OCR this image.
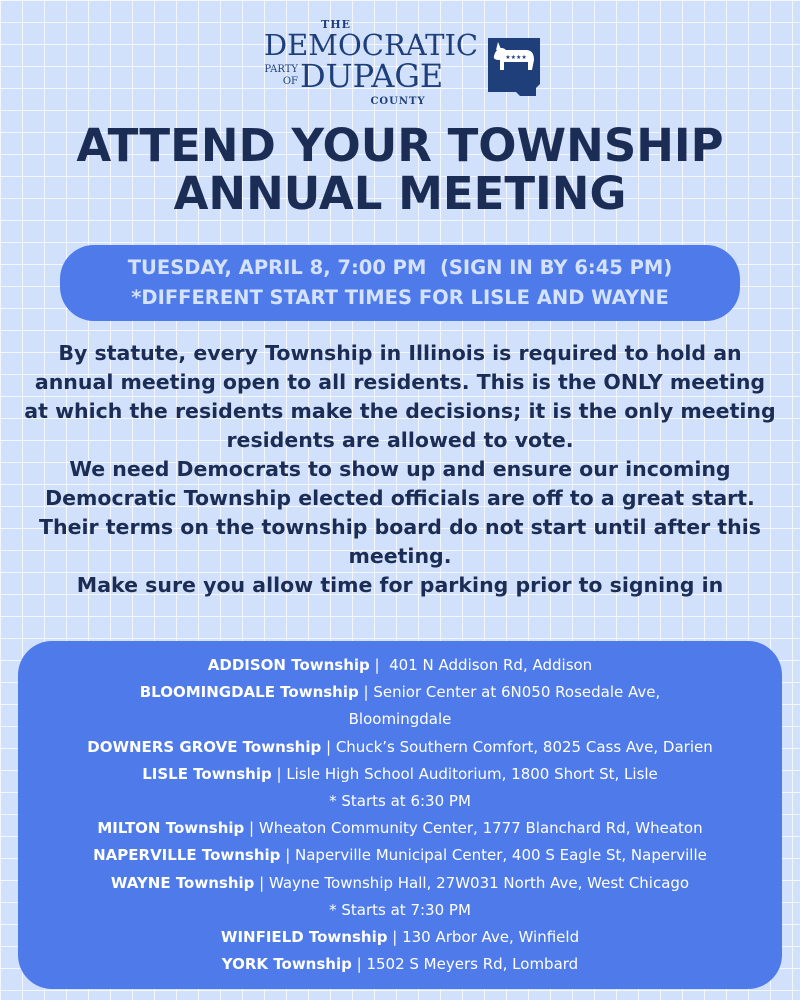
THE
DEMOCRATIC
PARTY
OF DUPAGE
COUNTY
★★★★
ATTEND YOUR TOWNSHIP
ANNUAL MEETING
TUESDAY, APRIL 8, 7:00 PM  (SIGN IN BY 6:45 PM)
*DIFFERENT START TIMES FOR LISLE AND WAYNE

By statute, every Township in Illinois is required to hold an annual meeting open to all residents. This is the ONLY meeting at which the residents make the decisions; it is the only meeting residents are allowed to vote.

We need Democrats to show up and ensure our incoming Democratic Township elected officials are off to a great start. Their terms on the township board do not start until after this meeting.

Make sure you allow time for parking prior to signing in

ADDISON Township |  401 N Addison Rd, Addison
BLOOMINGDALE Township | Senior Center at 6N050 Rosedale Ave,
Bloomingdale
DOWNERS GROVE Township | Chuck’s Southern Comfort, 8025 Cass Ave, Darien
LISLE Township | Lisle High School Auditorium, 1800 Short St, Lisle
* Starts at 6:30 PM
MILTON Township | Wheaton Community Center, 1777 Blanchard Rd, Wheaton
NAPERVILLE Township | Naperville Municipal Center, 400 S Eagle St, Naperville
WAYNE Township | Wayne Township Hall, 27W031 North Ave, West Chicago
* Starts at 7:30 PM
WINFIELD Township | 130 Arbor Ave, Winfield
YORK Township | 1502 S Meyers Rd, Lombard
